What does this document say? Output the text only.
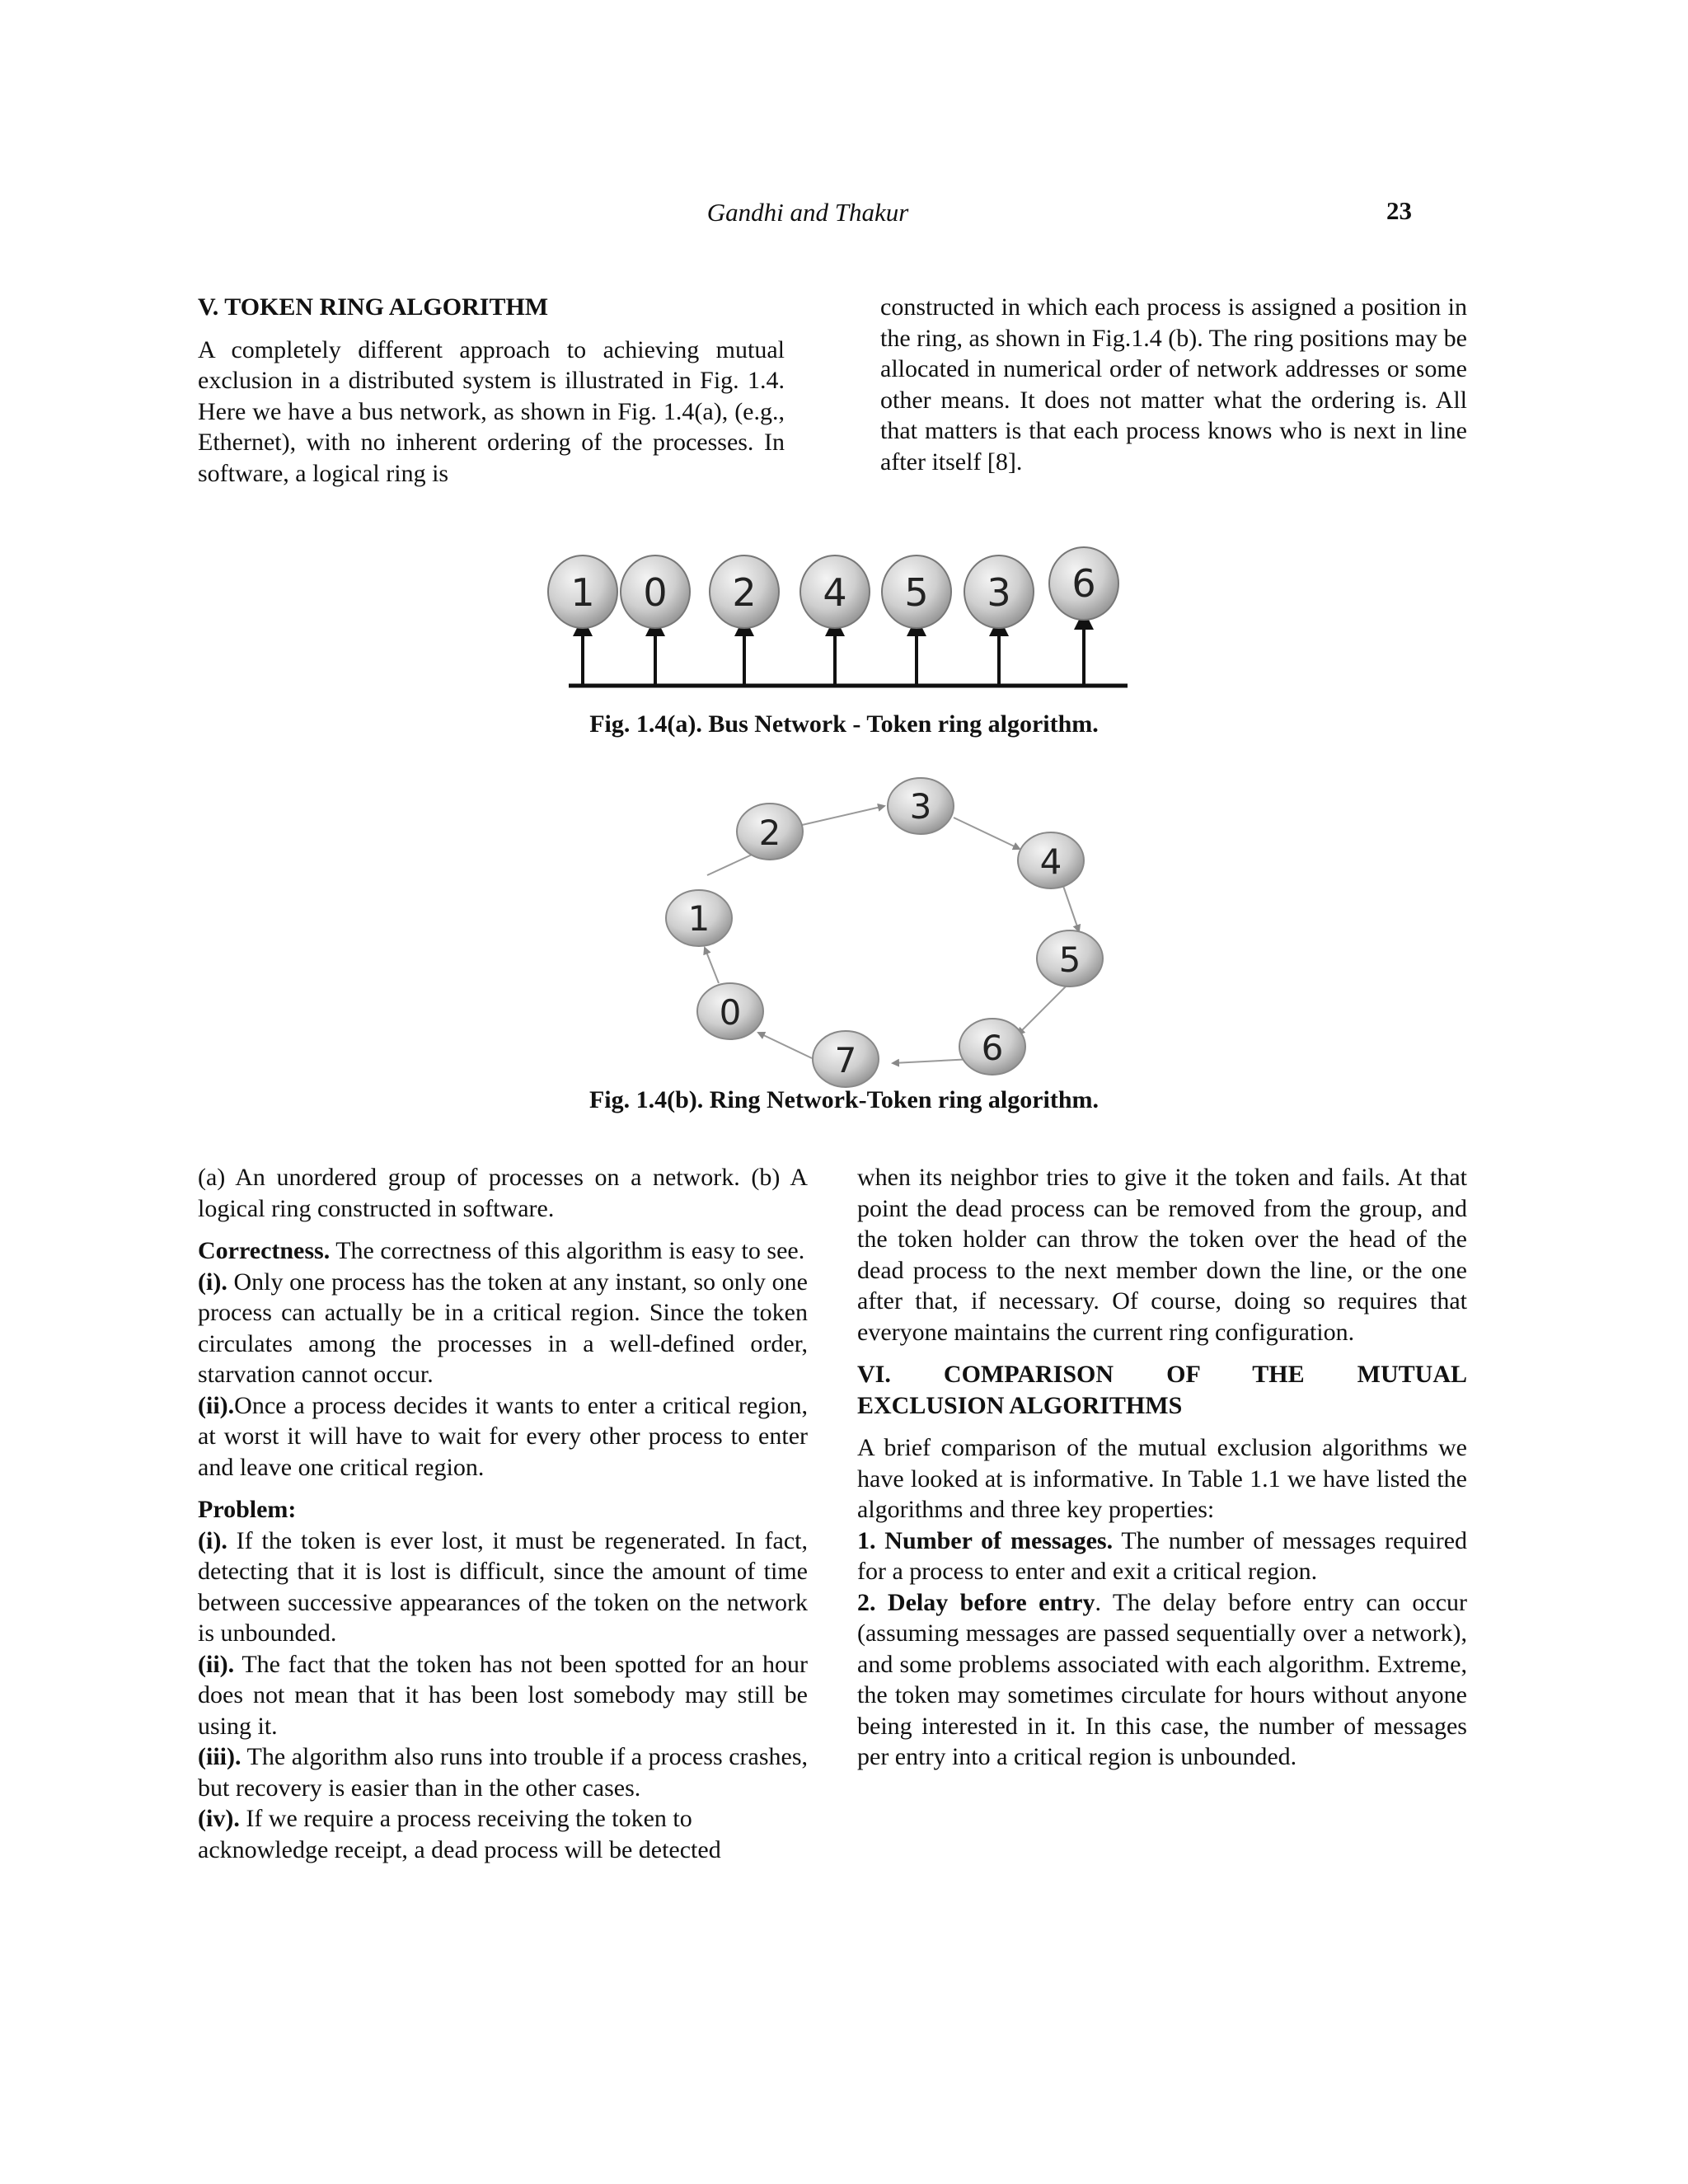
Gandhi and Thakur	23

V. TOKEN RING ALGORITHM

A completely different approach to achieving mutual exclusion in a distributed system is illustrated in Fig. 1.4. Here we have a bus network, as shown in Fig. 1.4(a), (e.g., Ethernet), with no inherent ordering of the processes. In software, a logical ring is

constructed in which each process is assigned a position in the ring, as shown in Fig.1.4 (b). The ring positions may be allocated in numerical order of network addresses or some other means. It does not matter what the ordering is. All that matters is that each process knows who is next in line after itself [8].

1 0 2 4 5 3 6
0
1
2
3
4
5
6
7
Fig. 1.4(a). Bus Network - Token ring algorithm.
Fig. 1.4(b). Ring Network-Token ring algorithm.

(a) An unordered group of processes on a network. (b) A logical ring constructed in software.

Correctness. The correctness of this algorithm is easy to see.

(i). Only one process has the token at any instant, so only one process can actually be in a critical region. Since the token circulates among the processes in a well-defined order, starvation cannot occur.

(ii).Once a process decides it wants to enter a critical region, at worst it will have to wait for every other process to enter and leave one critical region.

Problem:

(i). If the token is ever lost, it must be regenerated. In fact, detecting that it is lost is difficult, since the amount of time between successive appearances of the token on the network is unbounded.

(ii). The fact that the token has not been spotted for an hour does not mean that it has been lost somebody may still be using it.

(iii). The algorithm also runs into trouble if a process crashes, but recovery is easier than in the other cases.

(iv). If we require a process receiving the token to acknowledge receipt, a dead process will be detected

when its neighbor tries to give it the token and fails. At that point the dead process can be removed from the group, and the token holder can throw the token over the head of the dead process to the next member down the line, or the one after that, if necessary. Of course, doing so requires that everyone maintains the current ring configuration.

VI. COMPARISON OF THE MUTUAL

EXCLUSION ALGORITHMS

A brief comparison of the mutual exclusion algorithms we have looked at is informative. In Table 1.1 we have listed the algorithms and three key properties:

1. Number of messages. The number of messages required for a process to enter and exit a critical region.

2. Delay before entry. The delay before entry can occur (assuming messages are passed sequentially over a network), and some problems associated with each algorithm. Extreme, the token may sometimes circulate for hours without anyone being interested in it. In this case, the number of messages per entry into a critical region is unbounded.
